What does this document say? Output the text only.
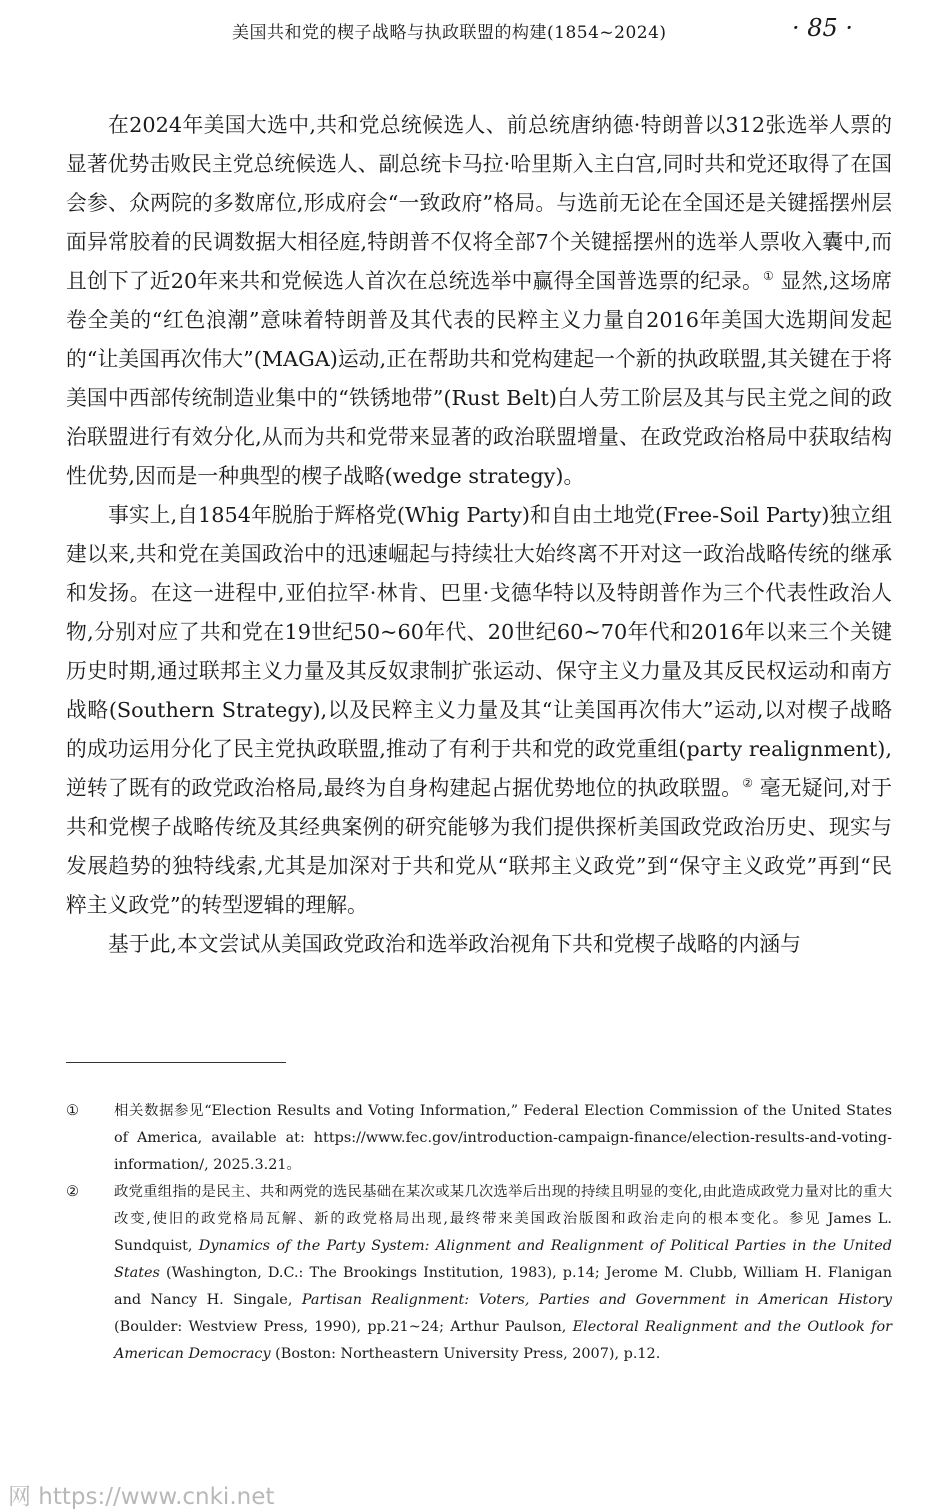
美国共和党的楔子战略与执政联盟的构建(1854~2024)	· 85 ·

在2024年美国大选中,共和党总统候选人、前总统唐纳德·特朗普以312张选举人票的显著优势击败民主党总统候选人、副总统卡马拉·哈里斯入主白宫,同时共和党还取得了在国会参、众两院的多数席位,形成府会“一致政府”格局。与选前无论在全国还是关键摇摆州层面异常胶着的民调数据大相径庭,特朗普不仅将全部7个关键摇摆州的选举人票收入囊中,而且创下了近20年来共和党候选人首次在总统选举中赢得全国普选票的纪录。① 显然,这场席卷全美的“红色浪潮”意味着特朗普及其代表的民粹主义力量自2016年美国大选期间发起的“让美国再次伟大”(MAGA)运动,正在帮助共和党构建起一个新的执政联盟,其关键在于将美国中西部传统制造业集中的“铁锈地带”(Rust Belt)白人劳工阶层及其与民主党之间的政治联盟进行有效分化,从而为共和党带来显著的政治联盟增量、在政党政治格局中获取结构性优势,因而是一种典型的楔子战略(wedge strategy)。

事实上,自1854年脱胎于辉格党(Whig Party)和自由土地党(Free-Soil Party)独立组建以来,共和党在美国政治中的迅速崛起与持续壮大始终离不开对这一政治战略传统的继承和发扬。在这一进程中,亚伯拉罕·林肯、巴里·戈德华特以及特朗普作为三个代表性政治人物,分别对应了共和党在19世纪50~60年代、20世纪60~70年代和2016年以来三个关键历史时期,通过联邦主义力量及其反奴隶制扩张运动、保守主义力量及其反民权运动和南方战略(Southern Strategy),以及民粹主义力量及其“让美国再次伟大”运动,以对楔子战略的成功运用分化了民主党执政联盟,推动了有利于共和党的政党重组(party realignment),逆转了既有的政党政治格局,最终为自身构建起占据优势地位的执政联盟。② 毫无疑问,对于共和党楔子战略传统及其经典案例的研究能够为我们提供探析美国政党政治历史、现实与发展趋势的独特线索,尤其是加深对于共和党从“联邦主义政党”到“保守主义政党”再到“民粹主义政党”的转型逻辑的理解。

基于此,本文尝试从美国政党政治和选举政治视角下共和党楔子战略的内涵与

① 相关数据参见“Election Results and Voting Information,” Federal Election Commission of the United States of America, available at: https://www.fec.gov/introduction-campaign-finance/election-results-and-voting-information/, 2025.3.21。
② 政党重组指的是民主、共和两党的选民基础在某次或某几次选举后出现的持续且明显的变化,由此造成政党力量对比的重大改变,使旧的政党格局瓦解、新的政党格局出现,最终带来美国政治版图和政治走向的根本变化。参见 James L. Sundquist, Dynamics of the Party System: Alignment and Realignment of Political Parties in the United States (Washington, D.C.: The Brookings Institution, 1983), p.14; Jerome M. Clubb, William H. Flanigan and Nancy H. Singale, Partisan Realignment: Voters, Parties and Government in American History (Boulder: Westview Press, 1990), pp.21~24; Arthur Paulson, Electoral Realignment and the Outlook for American Democracy (Boston: Northeastern University Press, 2007), p.12.
网 https://www.cnki.net
